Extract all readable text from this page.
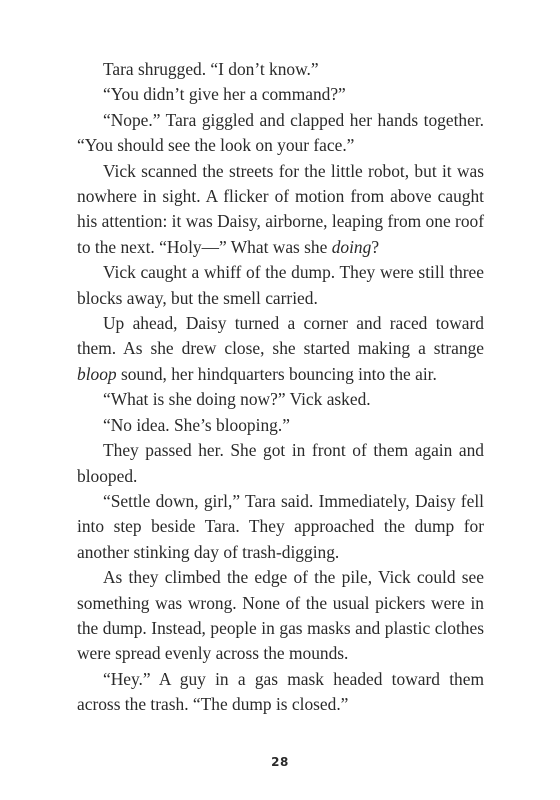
Tara shrugged. “I don’t know.”

“You didn’t give her a command?”

“Nope.” Tara giggled and clapped her hands together. “You should see the look on your face.”

Vick scanned the streets for the little robot, but it was nowhere in sight. A flicker of motion from above caught his attention: it was Daisy, airborne, leaping from one roof to the next. “Holy—” What was she doing?

Vick caught a whiff of the dump. They were still three blocks away, but the smell carried.

Up ahead, Daisy turned a corner and raced toward them. As she drew close, she started making a strange bloop sound, her hindquarters bouncing into the air.

“What is she doing now?” Vick asked.

“No idea. She’s blooping.”

They passed her. She got in front of them again and blooped.

“Settle down, girl,” Tara said. Immediately, Daisy fell into step beside Tara. They approached the dump for another stinking day of trash-digging.

As they climbed the edge of the pile, Vick could see something was wrong. None of the usual pickers were in the dump. Instead, people in gas masks and plastic clothes were spread evenly across the mounds.

“Hey.” A guy in a gas mask headed toward them across the trash. “The dump is closed.”

28
